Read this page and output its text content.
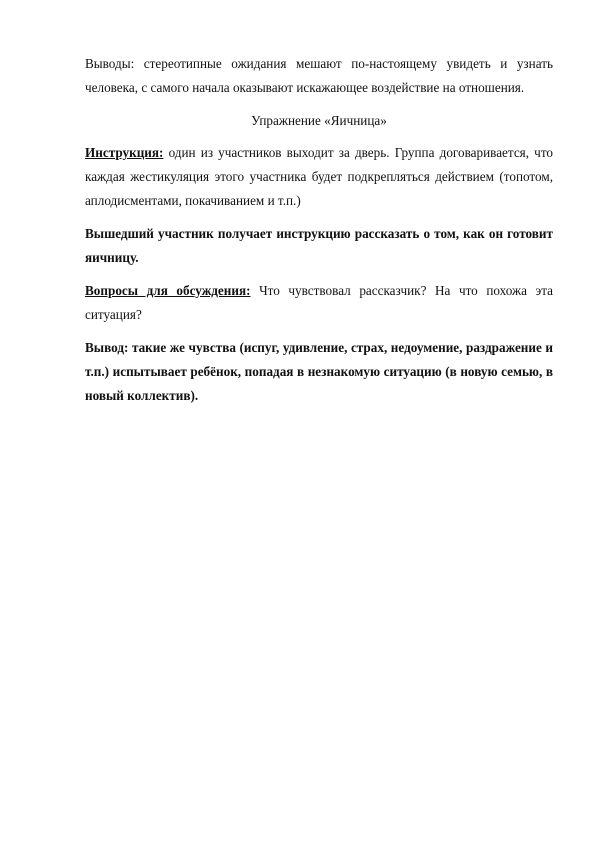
Выводы: стереотипные ожидания мешают по-настоящему увидеть и узнать человека, с самого начала оказывают искажающее воздействие на отношения.

Упражнение «Яичница»

Инструкция: один из участников выходит за дверь. Группа договаривается, что каждая жестикуляция этого участника будет подкрепляться действием (топотом, аплодисментами, покачиванием и т.п.)

Вышедший участник получает инструкцию рассказать о том, как он готовит яичницу.

Вопросы для обсуждения: Что чувствовал рассказчик? На что похожа эта ситуация?

Вывод: такие же чувства (испуг, удивление, страх, недоумение, раздражение и т.п.) испытывает ребёнок, попадая в незнакомую ситуацию (в новую семью, в новый коллектив).
